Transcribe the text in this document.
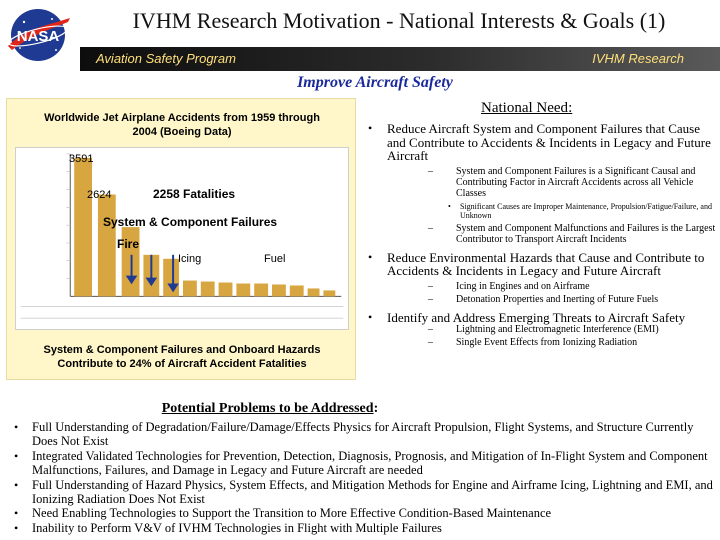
NASA
IVHM Research Motivation - National Interests & Goals (1)
Aviation Safety Program	IVHM Research
Improve Aircraft Safety
Worldwide Jet Airplane Accidents from 1959 through 2004 (Boeing Data)
3591
2624	2258 Fatalities
System & Component Failures
Fire
Icing	Fuel
System & Component Failures and Onboard Hazards Contribute to 24% of Aircraft Accident Fatalities
National Need:
• Reduce Aircraft System and Component Failures that Cause and Contribute to Accidents & Incidents in Legacy and Future Aircraft
– System and Component Failures is a Significant Causal and Contributing Factor in Aircraft Accidents across all Vehicle Classes
• Significant Causes are Improper Maintenance, Propulsion/Fatigue/Failure, and Unknown
– System and Component Malfunctions and Failures is the Largest Contributor to Transport Aircraft Incidents
• Reduce Environmental Hazards that Cause and Contribute to Accidents & Incidents in Legacy and Future Aircraft
– Icing in Engines and on Airframe
– Detonation Properties and Inerting of Future Fuels
• Identify and Address Emerging Threats to Aircraft Safety
– Lightning and Electromagnetic Interference (EMI)
– Single Event Effects from Ionizing Radiation
Potential Problems to be Addressed:
• Full Understanding of Degradation/Failure/Damage/Effects Physics for Aircraft Propulsion, Flight Systems, and Structure Currently Does Not Exist
• Integrated Validated Technologies for Prevention, Detection, Diagnosis, Prognosis, and Mitigation of In-Flight System and Component Malfunctions, Failures, and Damage in Legacy and Future Aircraft are needed
• Full Understanding of Hazard Physics, System Effects, and Mitigation Methods for Engine and Airframe Icing, Lightning and EMI, and Ionizing Radiation Does Not Exist
• Need Enabling Technologies to Support the Transition to More Effective Condition-Based Maintenance
• Inability to Perform V&V of IVHM Technologies in Flight with Multiple Failures
